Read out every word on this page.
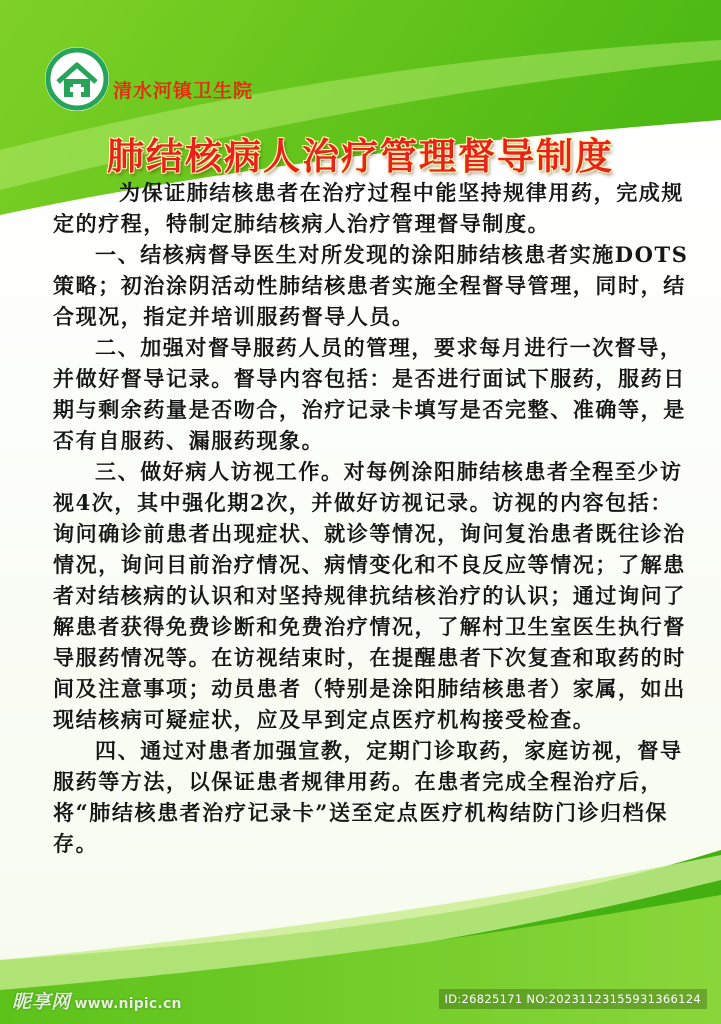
清水河镇卫生院
肺结核病人治疗管理督导制度

为保证肺结核患者在治疗过程中能坚持规律用药，完成规定的疗程，特制定肺结核病人治疗管理督导制度。

一、结核病督导医生对所发现的涂阳肺结核患者实施DOTS策略；初治涂阴活动性肺结核患者实施全程督导管理，同时，结合现况，指定并培训服药督导人员。

二、加强对督导服药人员的管理，要求每月进行一次督导，并做好督导记录。督导内容包括：是否进行面试下服药，服药日期与剩余药量是否吻合，治疗记录卡填写是否完整、准确等，是否有自服药、漏服药现象。

三、做好病人访视工作。对每例涂阳肺结核患者全程至少访视4次，其中强化期2次，并做好访视记录。访视的内容包括：询问确诊前患者出现症状、就诊等情况，询问复治患者既往诊治情况，询问目前治疗情况、病情变化和不良反应等情况；了解患者对结核病的认识和对坚持规律抗结核治疗的认识；通过询问了解患者获得免费诊断和免费治疗情况，了解村卫生室医生执行督导服药情况等。在访视结束时，在提醒患者下次复查和取药的时间及注意事项；动员患者（特别是涂阳肺结核患者）家属，如出现结核病可疑症状，应及早到定点医疗机构接受检查。

四、通过对患者加强宣教，定期门诊取药，家庭访视，督导服药等方法，以保证患者规律用药。在患者完成全程治疗后，将“肺结核患者治疗记录卡”送至定点医疗机构结防门诊归档保存。

昵享网 www.nipic.cn	ID:26825171 NO:20231123155931366124
